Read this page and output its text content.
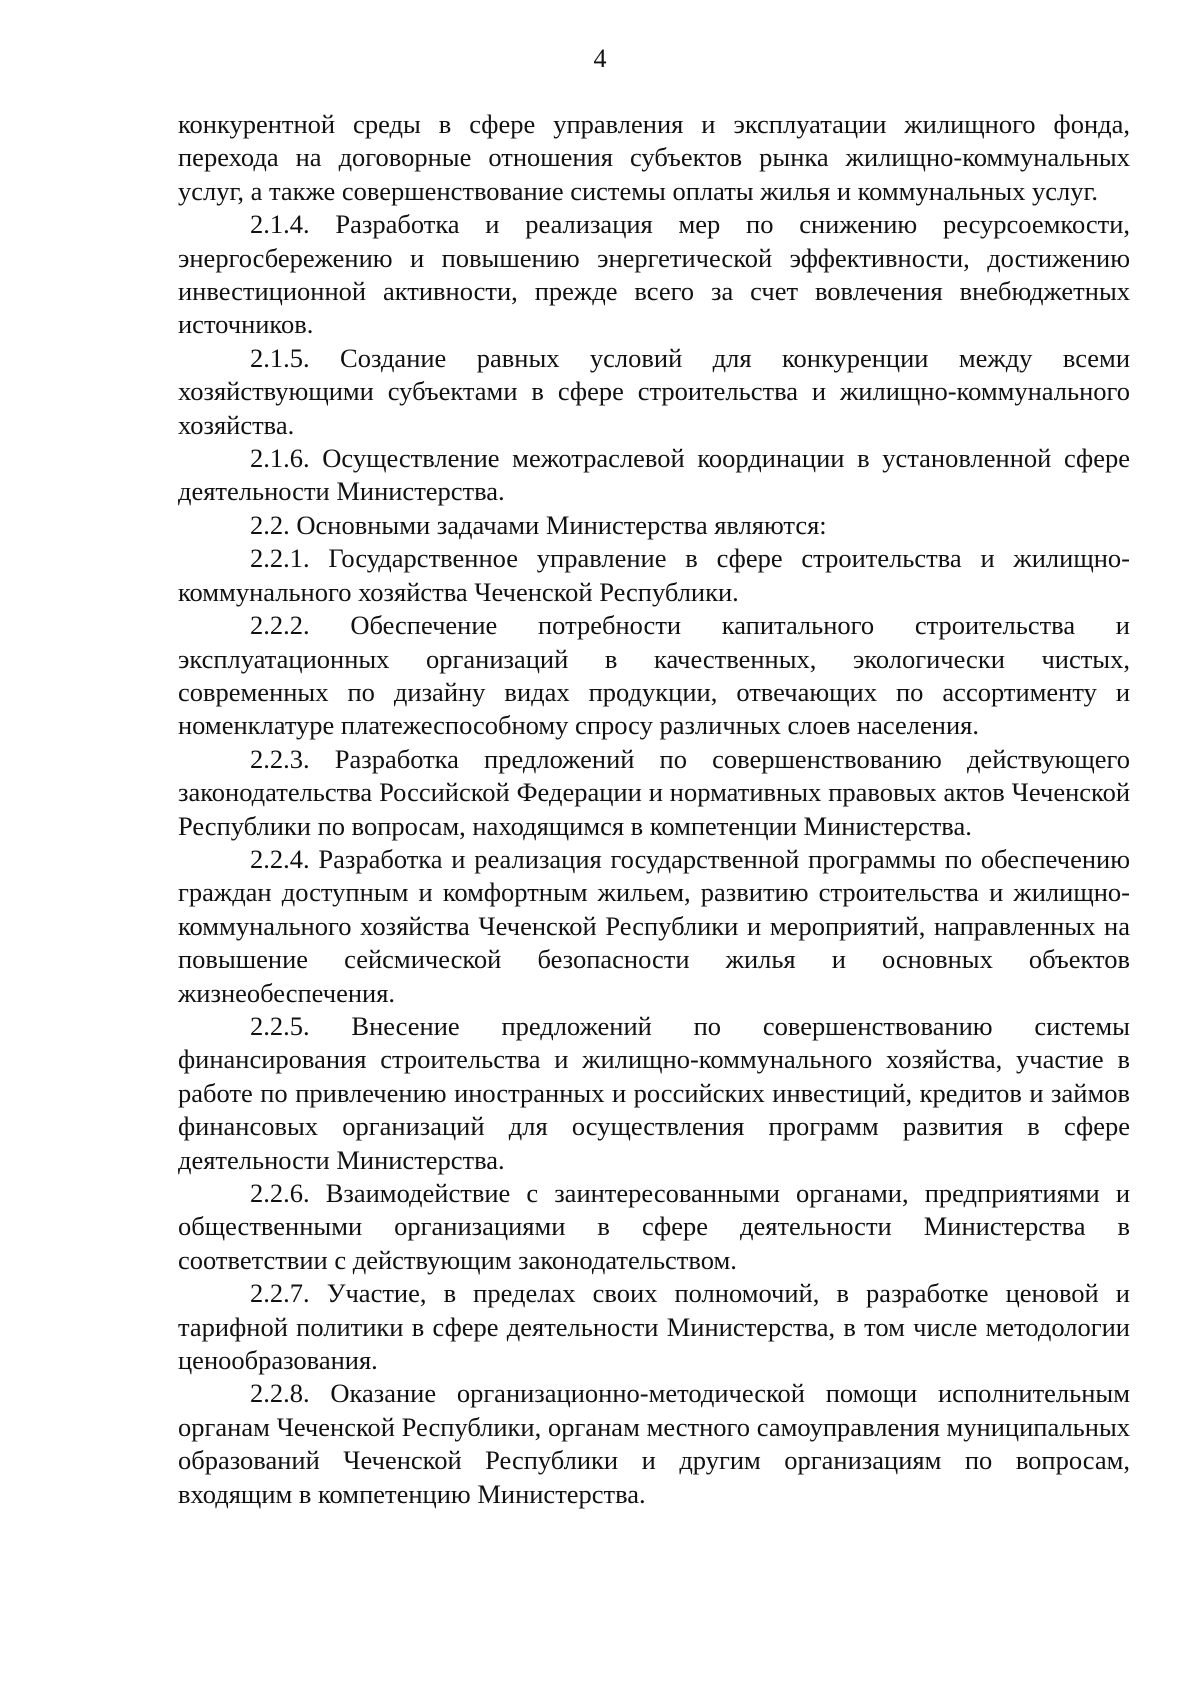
4

конкурентной среды в сфере управления и эксплуатации жилищного фонда, перехода на договорные отношения субъектов рынка жилищно-коммунальных услуг, а также совершенствование системы оплаты жилья и коммунальных услуг.

2.1.4. Разработка и реализация мер по снижению ресурсоемкости, энергосбережению и повышению энергетической эффективности, достижению инвестиционной активности, прежде всего за счет вовлечения внебюджетных источников.

2.1.5. Создание равных условий для конкуренции между всеми хозяйствующими субъектами в сфере строительства и жилищно-коммунального хозяйства.

2.1.6. Осуществление межотраслевой координации в установленной сфере деятельности Министерства.

2.2. Основными задачами Министерства являются:

2.2.1. Государственное управление в сфере строительства и жилищно-коммунального хозяйства Чеченской Республики.

2.2.2. Обеспечение потребности капитального строительства и эксплуатационных организаций в качественных, экологически чистых, современных по дизайну видах продукции, отвечающих по ассортименту и номенклатуре платежеспособному спросу различных слоев населения.

2.2.3. Разработка предложений по совершенствованию действующего законодательства Российской Федерации и нормативных правовых актов Чеченской Республики по вопросам, находящимся в компетенции Министерства.

2.2.4. Разработка и реализация государственной программы по обеспечению граждан доступным и комфортным жильем, развитию строительства и жилищно-коммунального хозяйства Чеченской Республики и мероприятий, направленных на повышение сейсмической безопасности жилья и основных объектов жизнеобеспечения.

2.2.5. Внесение предложений по совершенствованию системы финансирования строительства и жилищно-коммунального хозяйства, участие в работе по привлечению иностранных и российских инвестиций, кредитов и займов финансовых организаций для осуществления программ развития в сфере деятельности Министерства.

2.2.6. Взаимодействие с заинтересованными органами, предприятиями и общественными организациями в сфере деятельности Министерства в соответствии с действующим законодательством.

2.2.7. Участие, в пределах своих полномочий, в разработке ценовой и тарифной политики в сфере деятельности Министерства, в том числе методологии ценообразования.

2.2.8. Оказание организационно-методической помощи исполнительным органам Чеченской Республики, органам местного самоуправления муниципальных образований Чеченской Республики и другим организациям по вопросам, входящим в компетенцию Министерства.
